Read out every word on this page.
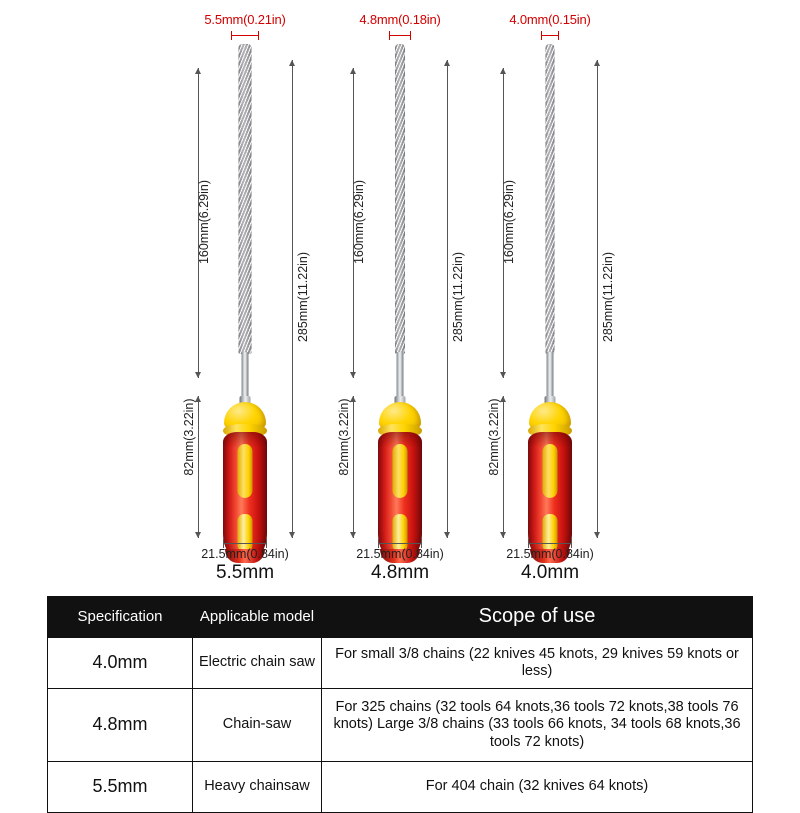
5.5mm(0.21in)
160mm(6.29in)
285mm(11.22in)
82mm(3.22in)
21.5mm(0.84in)
5.5mm
4.8mm(0.18in)
160mm(6.29in)
285mm(11.22in)
82mm(3.22in)
21.5mm(0.84in)
4.8mm
4.0mm(0.15in)
160mm(6.29in)
285mm(11.22in)
82mm(3.22in)
21.5mm(0.84in)
4.0mm
Specification	Applicable model	Scope of use
4.0mm	Electric chain saw	For small 3/8 chains (22 knives 45 knots, 29 knives 59 knots or less)
4.8mm	Chain-saw	For 325 chains (32 tools 64 knots,36 tools 72 knots,38 tools 76 knots) Large 3/8 chains (33 tools 66 knots, 34 tools 68 knots,36 tools 72 knots)
5.5mm	Heavy chainsaw	For 404 chain (32 knives 64 knots)
